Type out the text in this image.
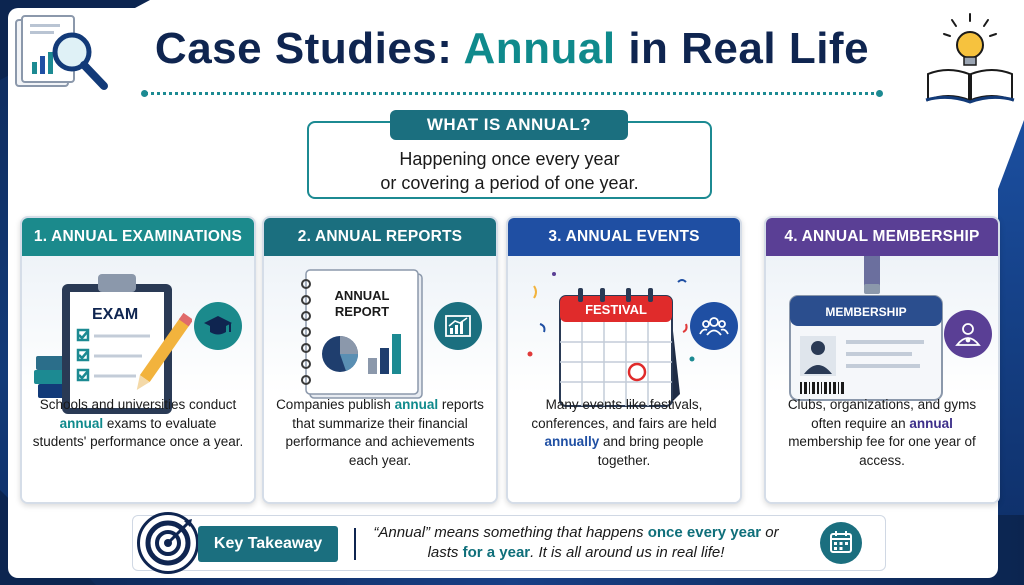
Case Studies: Annual in Real Life
WHAT IS ANNUAL?
Happening once every year
or covering a period of one year.
1. ANNUAL EXAMINATIONS
EXAM
Schools and universities conduct annual exams to evaluate students' performance once a year.
2. ANNUAL REPORTS
ANNUAL
REPORT
Companies publish annual reports that summarize their financial performance and achievements each year.
3. ANNUAL EVENTS
FESTIVAL
Many events like festivals, conferences, and fairs are held annually and bring people together.
4. ANNUAL MEMBERSHIP
MEMBERSHIP
Clubs, organizations, and gyms often require an annual membership fee for one year of access.
Key Takeaway
“Annual” means something that happens once every year or lasts for a year. It is all around us in real life!
